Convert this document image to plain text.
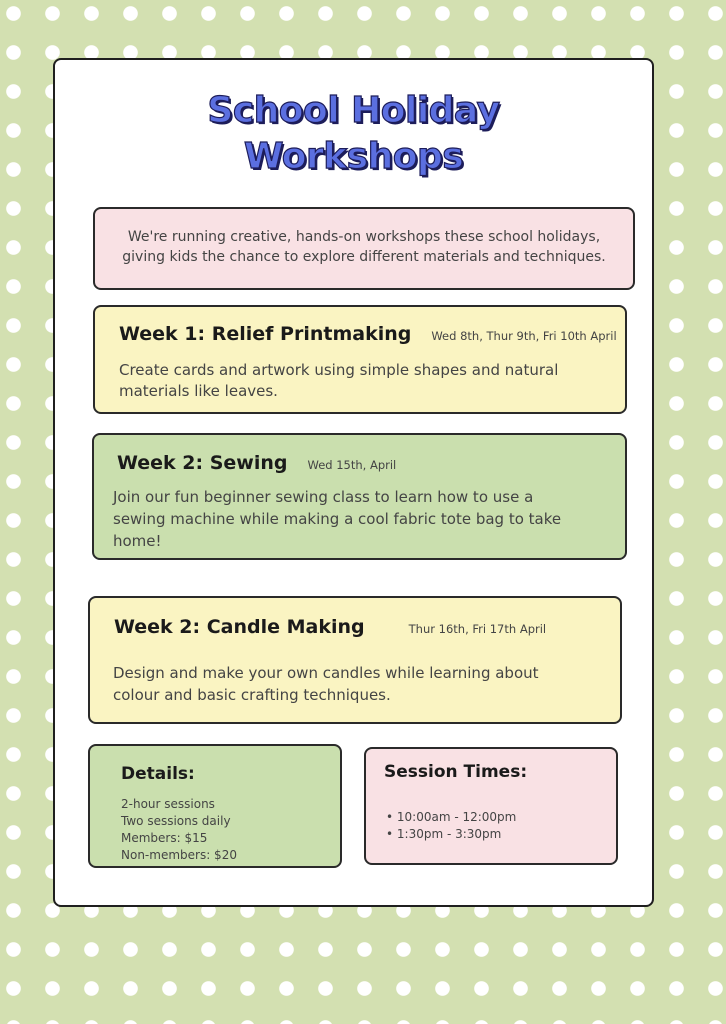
School Holiday
Workshops
We're running creative, hands-on workshops these school holidays,
giving kids the chance to explore different materials and techniques.
Week 1: Relief Printmaking Wed 8th, Thur 9th, Fri 10th April
Create cards and artwork using simple shapes and natural
materials like leaves.
Week 2: Sewing Wed 15th, April
Join our fun beginner sewing class to learn how to use a
sewing machine while making a cool fabric tote bag to take
home!
Week 2: Candle Making	Thur 16th, Fri 17th April
Design and make your own candles while learning about
colour and basic crafting techniques.
Details:
2-hour sessions
Two sessions daily
Members: $15
Non-members: $20
Session Times:
• 10:00am - 12:00pm
• 1:30pm - 3:30pm
